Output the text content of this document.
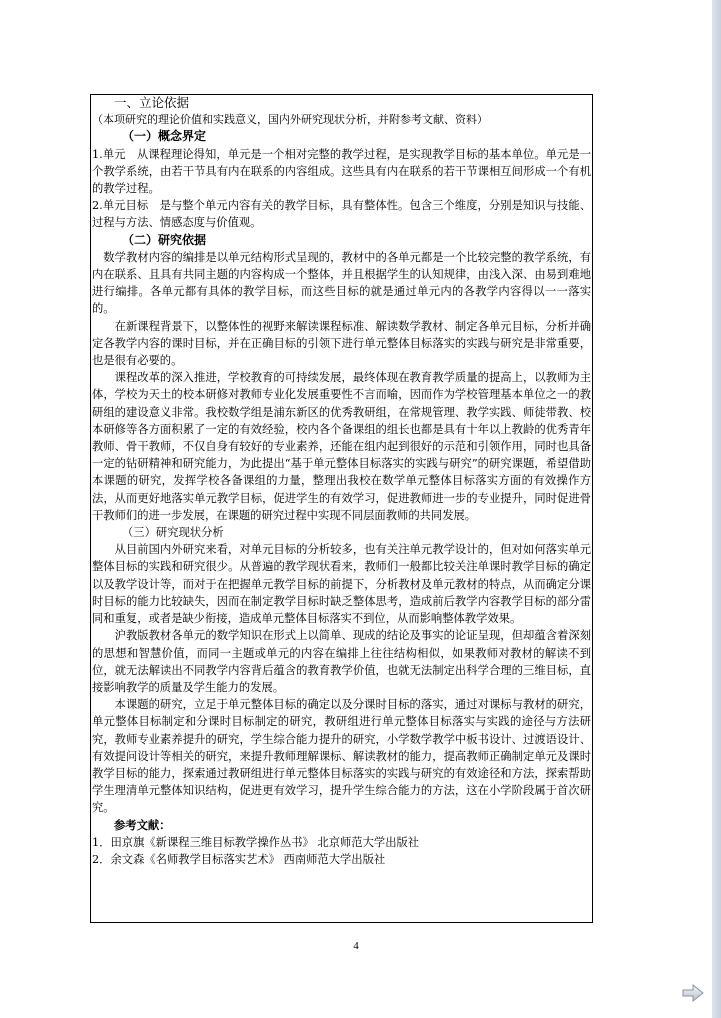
一、立论依据

（本项研究的理论价值和实践意义，国内外研究现状分析，并附参考文献、资料）

（一）概念界定

1.单元　从课程理论得知，单元是一个相对完整的教学过程，是实现教学目标的基本单位。单元是一个教学系统，由若干节具有内在联系的内容组成。这些具有内在联系的若干节课相互间形成一个有机的教学过程。

2.单元目标　是与整个单元内容有关的教学目标，具有整体性。包含三个维度，分别是知识与技能、过程与方法、情感态度与价值观。

（二）研究依据

数学教材内容的编排是以单元结构形式呈现的，教材中的各单元都是一个比较完整的教学系统，有内在联系、且具有共同主题的内容构成一个整体，并且根据学生的认知规律，由浅入深、由易到难地进行编排。各单元都有具体的教学目标，而这些目标的就是通过单元内的各教学内容得以一一落实的。

在新课程背景下，以整体性的视野来解读课程标准、解读数学教材、制定各单元目标，分析并确定各教学内容的课时目标，并在正确目标的引领下进行单元整体目标落实的实践与研究是非常重要，也是很有必要的。

课程改革的深入推进，学校教育的可持续发展，最终体现在教育教学质量的提高上，以教师为主体，学校为天土的校本研修对教师专业化发展重要性不言而喻，因而作为学校管理基本单位之一的教研组的建设意义非常。我校数学组是浦东新区的优秀教研组，在常规管理、教学实践、师徒带教、校本研修等各方面积累了一定的有效经验，校内各个备课组的组长也都是具有十年以上教龄的优秀青年教师、骨干教师，不仅自身有较好的专业素养，还能在组内起到很好的示范和引领作用，同时也具备一定的钻研精神和研究能力，为此提出“基于单元整体目标落实的实践与研究”的研究课题，希望借助本课题的研究，发挥学校各备课组的力量，整理出我校在数学单元整体目标落实方面的有效操作方法，从而更好地落实单元教学目标，促进学生的有效学习，促进教师进一步的专业提升，同时促进骨干教师们的进一步发展，在课题的研究过程中实现不同层面教师的共同发展。

（三）研究现状分析

从目前国内外研究来看，对单元目标的分析较多，也有关注单元教学设计的，但对如何落实单元整体目标的实践和研究很少。从普遍的教学现状看来，教师们一般都比较关注单课时教学目标的确定以及教学设计等，而对于在把握单元教学目标的前提下，分析教材及单元教材的特点，从而确定分课时目标的能力比较缺失，因而在制定教学目标时缺乏整体思考，造成前后教学内容教学目标的部分雷同和重复，或者是缺少衔接，造成单元整体目标落实不到位，从而影响整体教学效果。

沪教版教材各单元的数学知识在形式上以简单、现成的结论及事实的论证呈现，但却蕴含着深刻的思想和智慧价值，而同一主题或单元的内容在编排上往往结构相似，如果教师对教材的解读不到位，就无法解读出不同教学内容背后蕴含的教育教学价值，也就无法制定出科学合理的三维目标，直接影响教学的质量及学生能力的发展。

本课题的研究，立足于单元整体目标的确定以及分课时目标的落实，通过对课标与教材的研究，单元整体目标制定和分课时目标制定的研究，教研组进行单元整体目标落实与实践的途径与方法研究，教师专业素养提升的研究，学生综合能力提升的研究，小学数学教学中板书设计、过渡语设计、有效提问设计等相关的研究，来提升教师理解课标、解读教材的能力，提高教师正确制定单元及课时教学目标的能力，探索通过教研组进行单元整体目标落实的实践与研究的有效途径和方法，探索帮助学生理清单元整体知识结构，促进更有效学习，提升学生综合能力的方法，这在小学阶段属于首次研究。

参考文献：

1．田京旗《新课程三维目标教学操作丛书》 北京师范大学出版社

2．余文森《名师教学目标落实艺术》 西南师范大学出版社

4
